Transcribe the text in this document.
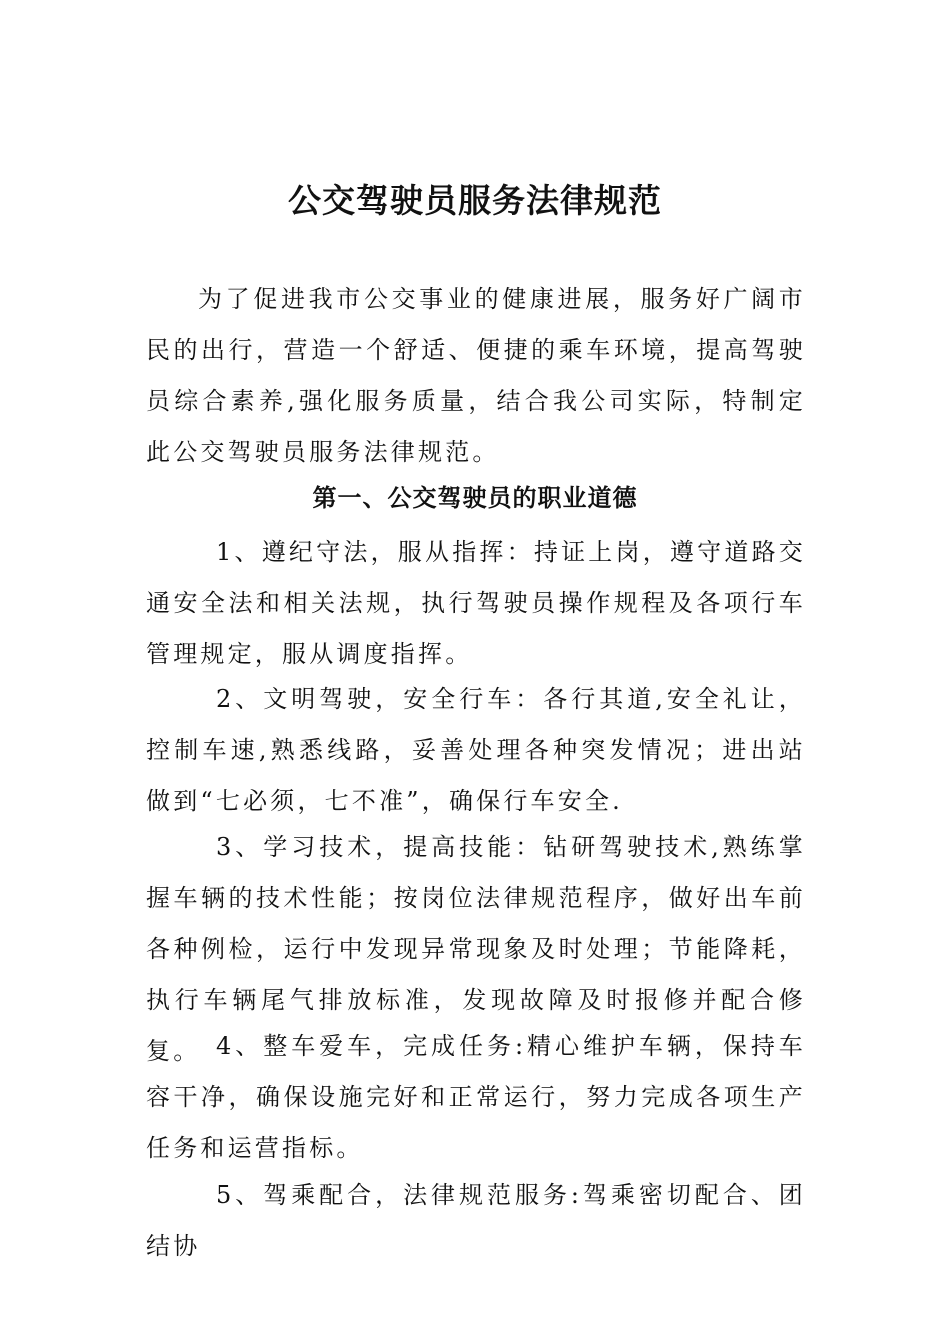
公交驾驶员服务法律规范

为了促进我市公交事业的健康进展，服务好广阔市民的出行，营造一个舒适、便捷的乘车环境，提高驾驶员综合素养,强化服务质量，结合我公司实际，特制定此公交驾驶员服务法律规范。

第一、公交驾驶员的职业道德

1、遵纪守法，服从指挥：持证上岗，遵守道路交通安全法和相关法规，执行驾驶员操作规程及各项行车管理规定，服从调度指挥。

2、文明驾驶，安全行车：各行其道,安全礼让，控制车速,熟悉线路，妥善处理各种突发情况；进出站做到“七必须，七不准”，确保行车安全.

3、学习技术，提高技能：钻研驾驶技术,熟练掌握车辆的技术性能；按岗位法律规范程序，做好出车前各种例检，运行中发现异常现象及时处理；节能降耗，执行车辆尾气排放标准，发现故障及时报修并配合修复。 4、整车爱车，完成任务:精心维护车辆，保持车容干净，确保设施完好和正常运行，努力完成各项生产任务和运营指标。

5、驾乘配合，法律规范服务:驾乘密切配合、团结协
